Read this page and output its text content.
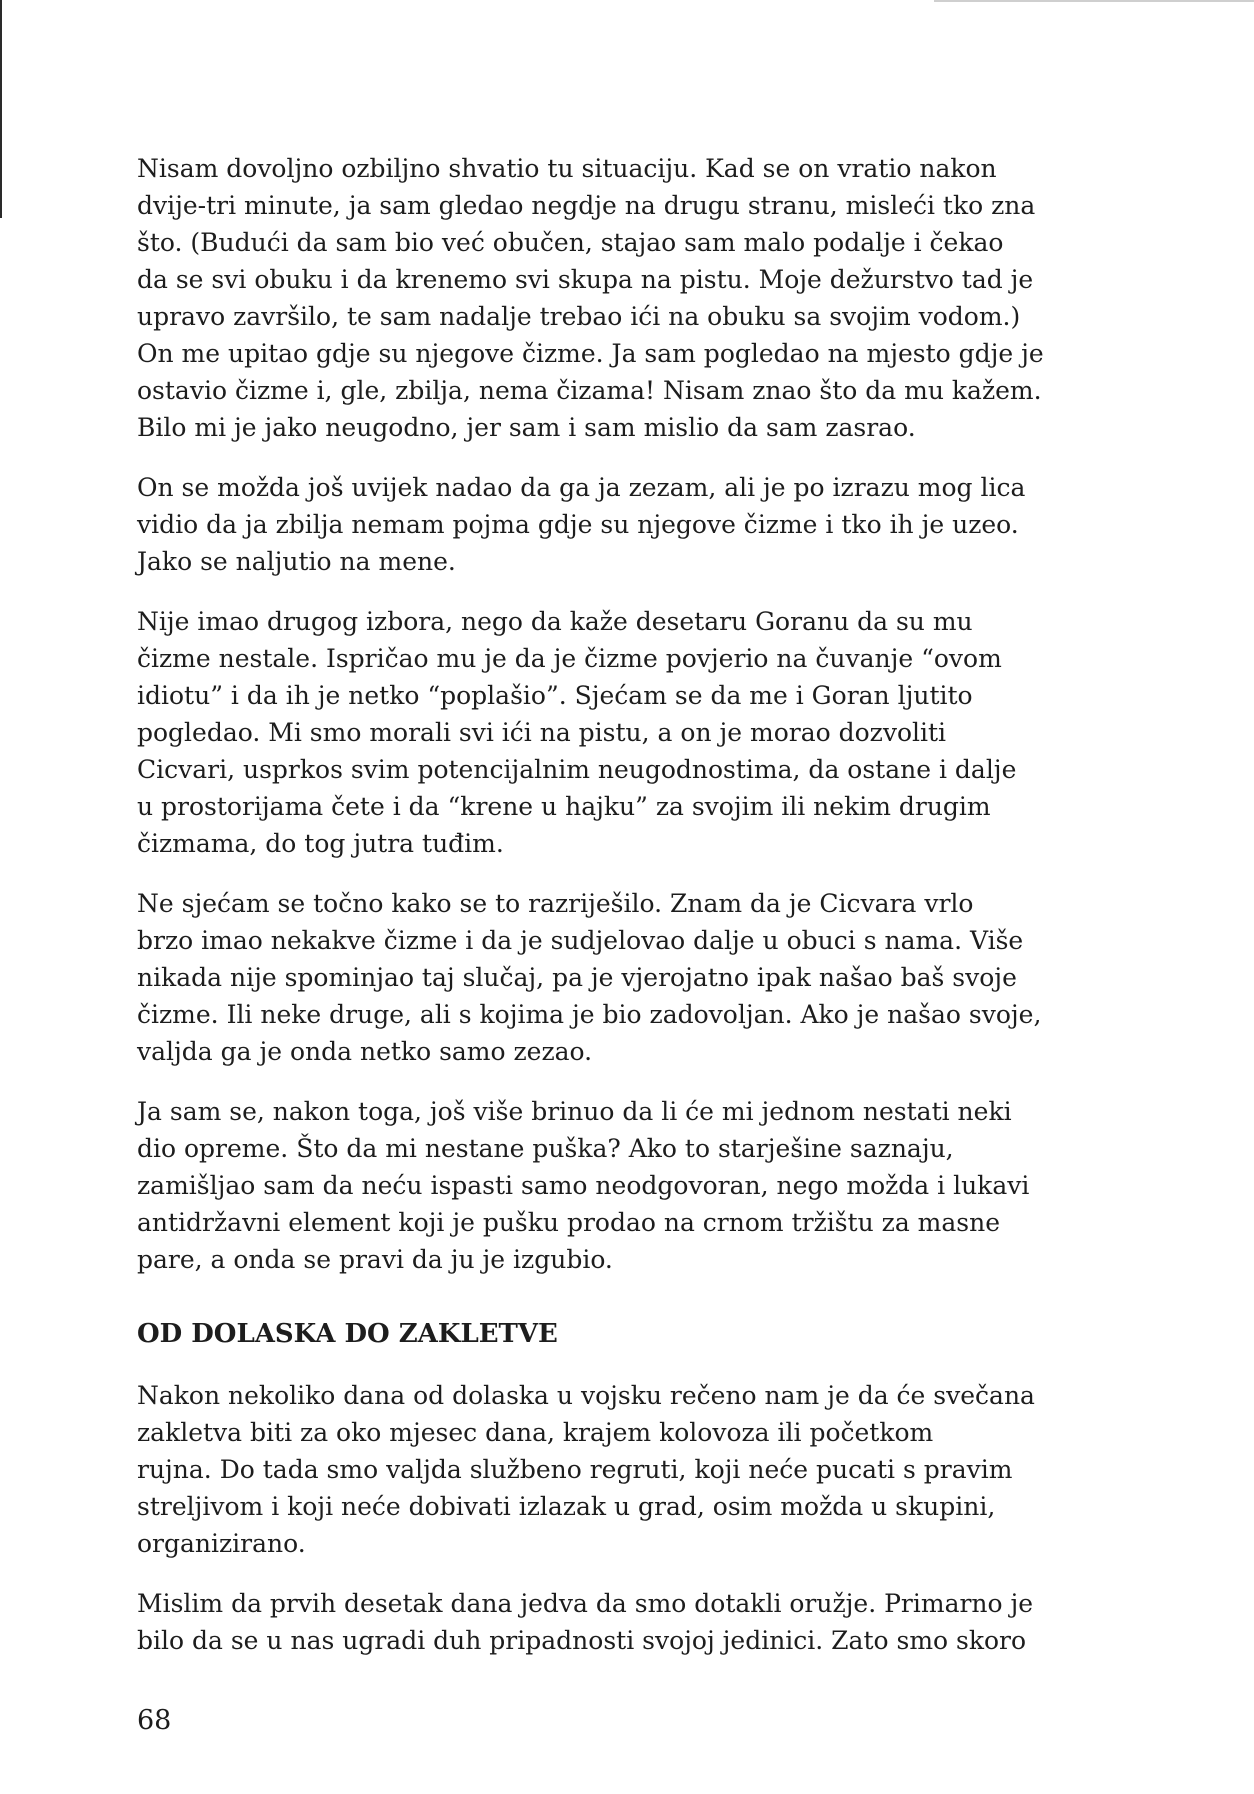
Nisam dovoljno ozbiljno shvatio tu situaciju. Kad se on vratio nakon
dvije-tri minute, ja sam gledao negdje na drugu stranu, misleći tko zna
što. (Budući da sam bio već obučen, stajao sam malo podalje i čekao
da se svi obuku i da krenemo svi skupa na pistu. Moje dežurstvo tad je
upravo završilo, te sam nadalje trebao ići na obuku sa svojim vodom.)
On me upitao gdje su njegove čizme. Ja sam pogledao na mjesto gdje je
ostavio čizme i, gle, zbilja, nema čizama! Nisam znao što da mu kažem.
Bilo mi je jako neugodno, jer sam i sam mislio da sam zasrao.

On se možda još uvijek nadao da ga ja zezam, ali je po izrazu mog lica
vidio da ja zbilja nemam pojma gdje su njegove čizme i tko ih je uzeo.
Jako se naljutio na mene.

Nije imao drugog izbora, nego da kaže desetaru Goranu da su mu
čizme nestale. Ispričao mu je da je čizme povjerio na čuvanje “ovom
idiotu” i da ih je netko “poplašio”. Sjećam se da me i Goran ljutito
pogledao. Mi smo morali svi ići na pistu, a on je morao dozvoliti
Cicvari, usprkos svim potencijalnim neugodnostima, da ostane i dalje
u prostorijama čete i da “krene u hajku” za svojim ili nekim drugim
čizmama, do tog jutra tuđim.

Ne sjećam se točno kako se to razriješilo. Znam da je Cicvara vrlo
brzo imao nekakve čizme i da je sudjelovao dalje u obuci s nama. Više
nikada nije spominjao taj slučaj, pa je vjerojatno ipak našao baš svoje
čizme. Ili neke druge, ali s kojima je bio zadovoljan. Ako je našao svoje,
valjda ga je onda netko samo zezao.

Ja sam se, nakon toga, još više brinuo da li će mi jednom nestati neki
dio opreme. Što da mi nestane puška? Ako to starješine saznaju,
zamišljao sam da neću ispasti samo neodgovoran, nego možda i lukavi
antidržavni element koji je pušku prodao na crnom tržištu za masne
pare, a onda se pravi da ju je izgubio.

OD DOLASKA DO ZAKLETVE

Nakon nekoliko dana od dolaska u vojsku rečeno nam je da će svečana
zakletva biti za oko mjesec dana, krajem kolovoza ili početkom
rujna. Do tada smo valjda službeno regruti, koji neće pucati s pravim
streljivom i koji neće dobivati izlazak u grad, osim možda u skupini,
organizirano.

Mislim da prvih desetak dana jedva da smo dotakli oružje. Primarno je
bilo da se u nas ugradi duh pripadnosti svojoj jedinici. Zato smo skoro

68
